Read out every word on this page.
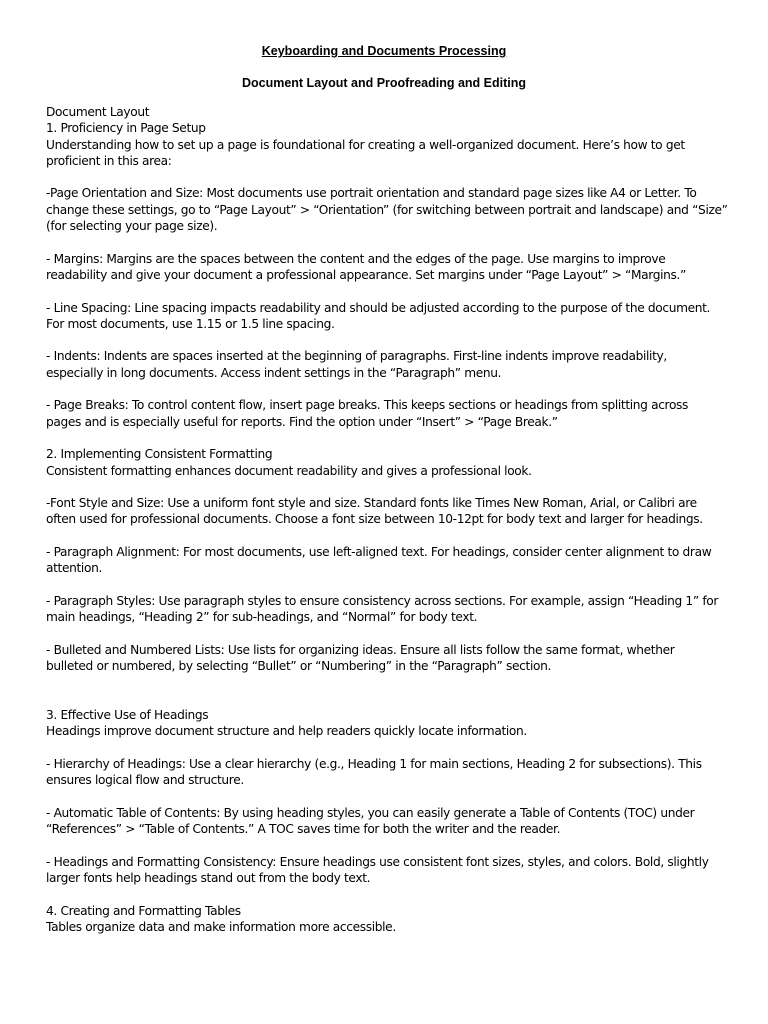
Keyboarding and Documents Processing

Document Layout and Proofreading and Editing

Document Layout

1. Proficiency in Page Setup

Understanding how to set up a page is foundational for creating a well-organized document. Here’s how to get

proficient in this area:

-Page Orientation and Size: Most documents use portrait orientation and standard page sizes like A4 or Letter. To

change these settings, go to “Page Layout” > “Orientation” (for switching between portrait and landscape) and “Size”

(for selecting your page size).

- Margins: Margins are the spaces between the content and the edges of the page. Use margins to improve

readability and give your document a professional appearance. Set margins under “Page Layout” > “Margins.”

- Line Spacing: Line spacing impacts readability and should be adjusted according to the purpose of the document.

For most documents, use 1.15 or 1.5 line spacing.

- Indents: Indents are spaces inserted at the beginning of paragraphs. First-line indents improve readability,

especially in long documents. Access indent settings in the “Paragraph” menu.

- Page Breaks: To control content flow, insert page breaks. This keeps sections or headings from splitting across

pages and is especially useful for reports. Find the option under “Insert” > “Page Break.”

2. Implementing Consistent Formatting

Consistent formatting enhances document readability and gives a professional look.

-Font Style and Size: Use a uniform font style and size. Standard fonts like Times New Roman, Arial, or Calibri are

often used for professional documents. Choose a font size between 10-12pt for body text and larger for headings.

- Paragraph Alignment: For most documents, use left-aligned text. For headings, consider center alignment to draw

attention.

- Paragraph Styles: Use paragraph styles to ensure consistency across sections. For example, assign “Heading 1” for

main headings, “Heading 2” for sub-headings, and “Normal” for body text.

- Bulleted and Numbered Lists: Use lists for organizing ideas. Ensure all lists follow the same format, whether

bulleted or numbered, by selecting “Bullet” or “Numbering” in the “Paragraph” section.

3. Effective Use of Headings

Headings improve document structure and help readers quickly locate information.

- Hierarchy of Headings: Use a clear hierarchy (e.g., Heading 1 for main sections, Heading 2 for subsections). This

ensures logical flow and structure.

- Automatic Table of Contents: By using heading styles, you can easily generate a Table of Contents (TOC) under

“References” > “Table of Contents.” A TOC saves time for both the writer and the reader.

- Headings and Formatting Consistency: Ensure headings use consistent font sizes, styles, and colors. Bold, slightly

larger fonts help headings stand out from the body text.

4. Creating and Formatting Tables

Tables organize data and make information more accessible.
